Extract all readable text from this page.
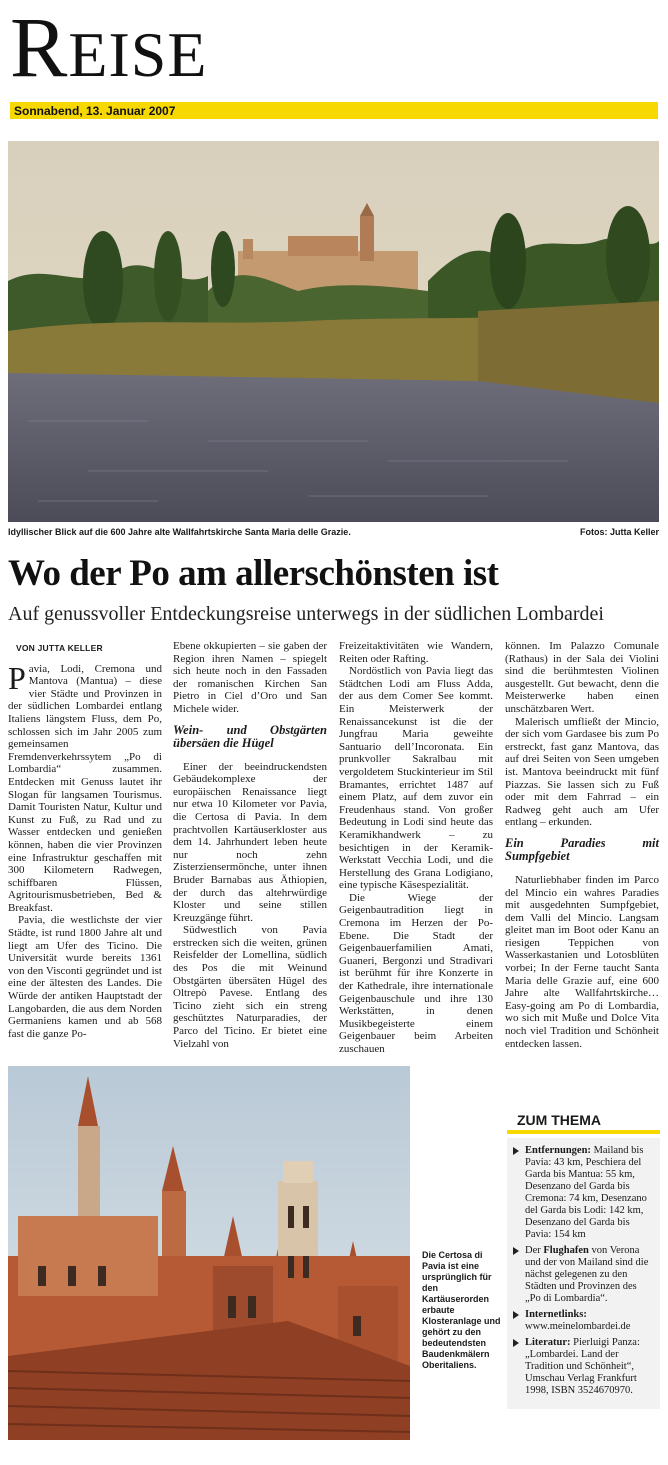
REISE
Sonnabend, 13. Januar 2007
Idyllischer Blick auf die 600 Jahre alte Wallfahrtskirche Santa Maria delle Grazie.	Fotos: Jutta Keller
Wo der Po am allerschönsten ist
Auf genussvoller Entdeckungsreise unterwegs in der südlichen Lombardei
VON JUTTA KELLER

Pavia, Lodi, Cremona und Mantova (Mantua) – diese vier Städte und Provinzen in der südlichen Lombardei entlang Italiens längstem Fluss, dem Po, schlossen sich im Jahr 2005 zum gemeinsamen Fremdenverkehrssytem „Po di Lombardia“ zusammen. Entdecken mit Genuss lautet ihr Slogan für langsamen Tourismus. Damit Touristen Natur, Kultur und Kunst zu Fuß, zu Rad und zu Wasser entdecken und genießen können, haben die vier Provinzen eine Infrastruktur geschaffen mit 300 Kilometern Radwegen, schiffbaren Flüssen, Agritourismusbetrieben, Bed & Breakfast.

Pavia, die westlichste der vier Städte, ist rund 1800 Jahre alt und liegt am Ufer des Ticino. Die Universität wurde bereits 1361 von den Visconti gegründet und ist eine der ältesten des Landes. Die Würde der antiken Hauptstadt der Langobarden, die aus dem Norden Germaniens kamen und ab 568 fast die ganze Po-

Ebene okkupierten – sie gaben der Region ihren Namen – spiegelt sich heute noch in den Fassaden der romanischen Kirchen San Pietro in Ciel d’Oro und San Michele wider.

Wein- und Obstgärten übersäen die Hügel

Einer der beeindruckendsten Gebäudekomplexe der europäischen Renaissance liegt nur etwa 10 Kilometer vor Pavia, die Certosa di Pavia. In dem prachtvollen Kartäuserkloster aus dem 14. Jahrhundert leben heute nur noch zehn Zisterziensermönche, unter ihnen Bruder Barnabas aus Äthiopien, der durch das altehrwürdige Kloster und seine stillen Kreuzgänge führt.

Südwestlich von Pavia erstrecken sich die weiten, grünen Reisfelder der Lomellina, südlich des Pos die mit Weinund Obstgärten übersäten Hügel des Oltrepò Pavese. Entlang des Ticino zieht sich ein streng geschütztes Naturparadies, der Parco del Ticino. Er bietet eine Vielzahl von

Freizeitaktivitäten wie Wandern, Reiten oder Rafting.

Nordöstlich von Pavia liegt das Städtchen Lodi am Fluss Adda, der aus dem Comer See kommt. Ein Meisterwerk der Renaissancekunst ist die der Jungfrau Maria geweihte Santuario dell’Incoronata. Ein prunkvoller Sakralbau mit vergoldetem Stuckinterieur im Stil Bramantes, errichtet 1487 auf einem Platz, auf dem zuvor ein Freudenhaus stand. Von großer Bedeutung in Lodi sind heute das Keramikhandwerk – zu besichtigen in der Keramik-Werkstatt Vecchia Lodi, und die Herstellung des Grana Lodigiano, eine typische Käsespezialität.

Die Wiege der Geigenbautradition liegt in Cremona im Herzen der Po-Ebene. Die Stadt der Geigenbauerfamilien Amati, Guaneri, Bergonzi und Stradivari ist berühmt für ihre Konzerte in der Kathedrale, ihre internationale Geigenbauschule und ihre 130 Werkstätten, in denen Musikbegeisterte einem Geigenbauer beim Arbeiten zuschauen

können. Im Palazzo Comunale (Rathaus) in der Sala dei Violini sind die berühmtesten Violinen ausgestellt. Gut bewacht, denn die Meisterwerke haben einen unschätzbaren Wert.

Malerisch umfließt der Mincio, der sich vom Gardasee bis zum Po erstreckt, fast ganz Mantova, das auf drei Seiten von Seen umgeben ist. Mantova beeindruckt mit fünf Piazzas. Sie lassen sich zu Fuß oder mit dem Fahrrad – ein Radweg geht auch am Ufer entlang – erkunden.

Ein Paradies mit Sumpfgebiet

Naturliebhaber finden im Parco del Mincio ein wahres Paradies mit ausgedehnten Sumpfgebiet, dem Valli del Mincio. Langsam gleitet man im Boot oder Kanu an riesigen Teppichen von Wasserkastanien und Lotosblüten vorbei; In der Ferne taucht Santa Maria delle Grazie auf, eine 600 Jahre alte Wallfahrtskirche… Easy-going am Po di Lombardia, wo sich mit Muße und Dolce Vita noch viel Tradition und Schönheit entdecken lassen.

Die Certosa di Pavia ist eine ursprünglich für den Kartäuserorden erbaute Klosteranlage und gehört zu den bedeutendsten Baudenkmälern Oberitaliens.
ZUM THEMA
Entfernungen: Mailand bis Pavia: 43 km, Peschiera del Garda bis Mantua: 55 km, Desenzano del Garda bis Cremona: 74 km, Desenzano del Garda bis Lodi: 142 km, Desenzano del Garda bis Pavia: 154 km
Der Flughafen von Verona und der von Mailand sind die nächst gelegenen zu den Städten und Provinzen des „Po di Lombardia“.
Internetlinks: www.meinelombardei.de
Literatur: Pierluigi Panza: „Lombardei. Land der Tradition und Schönheit“, Umschau Verlag Frankfurt 1998, ISBN 3524670970.
